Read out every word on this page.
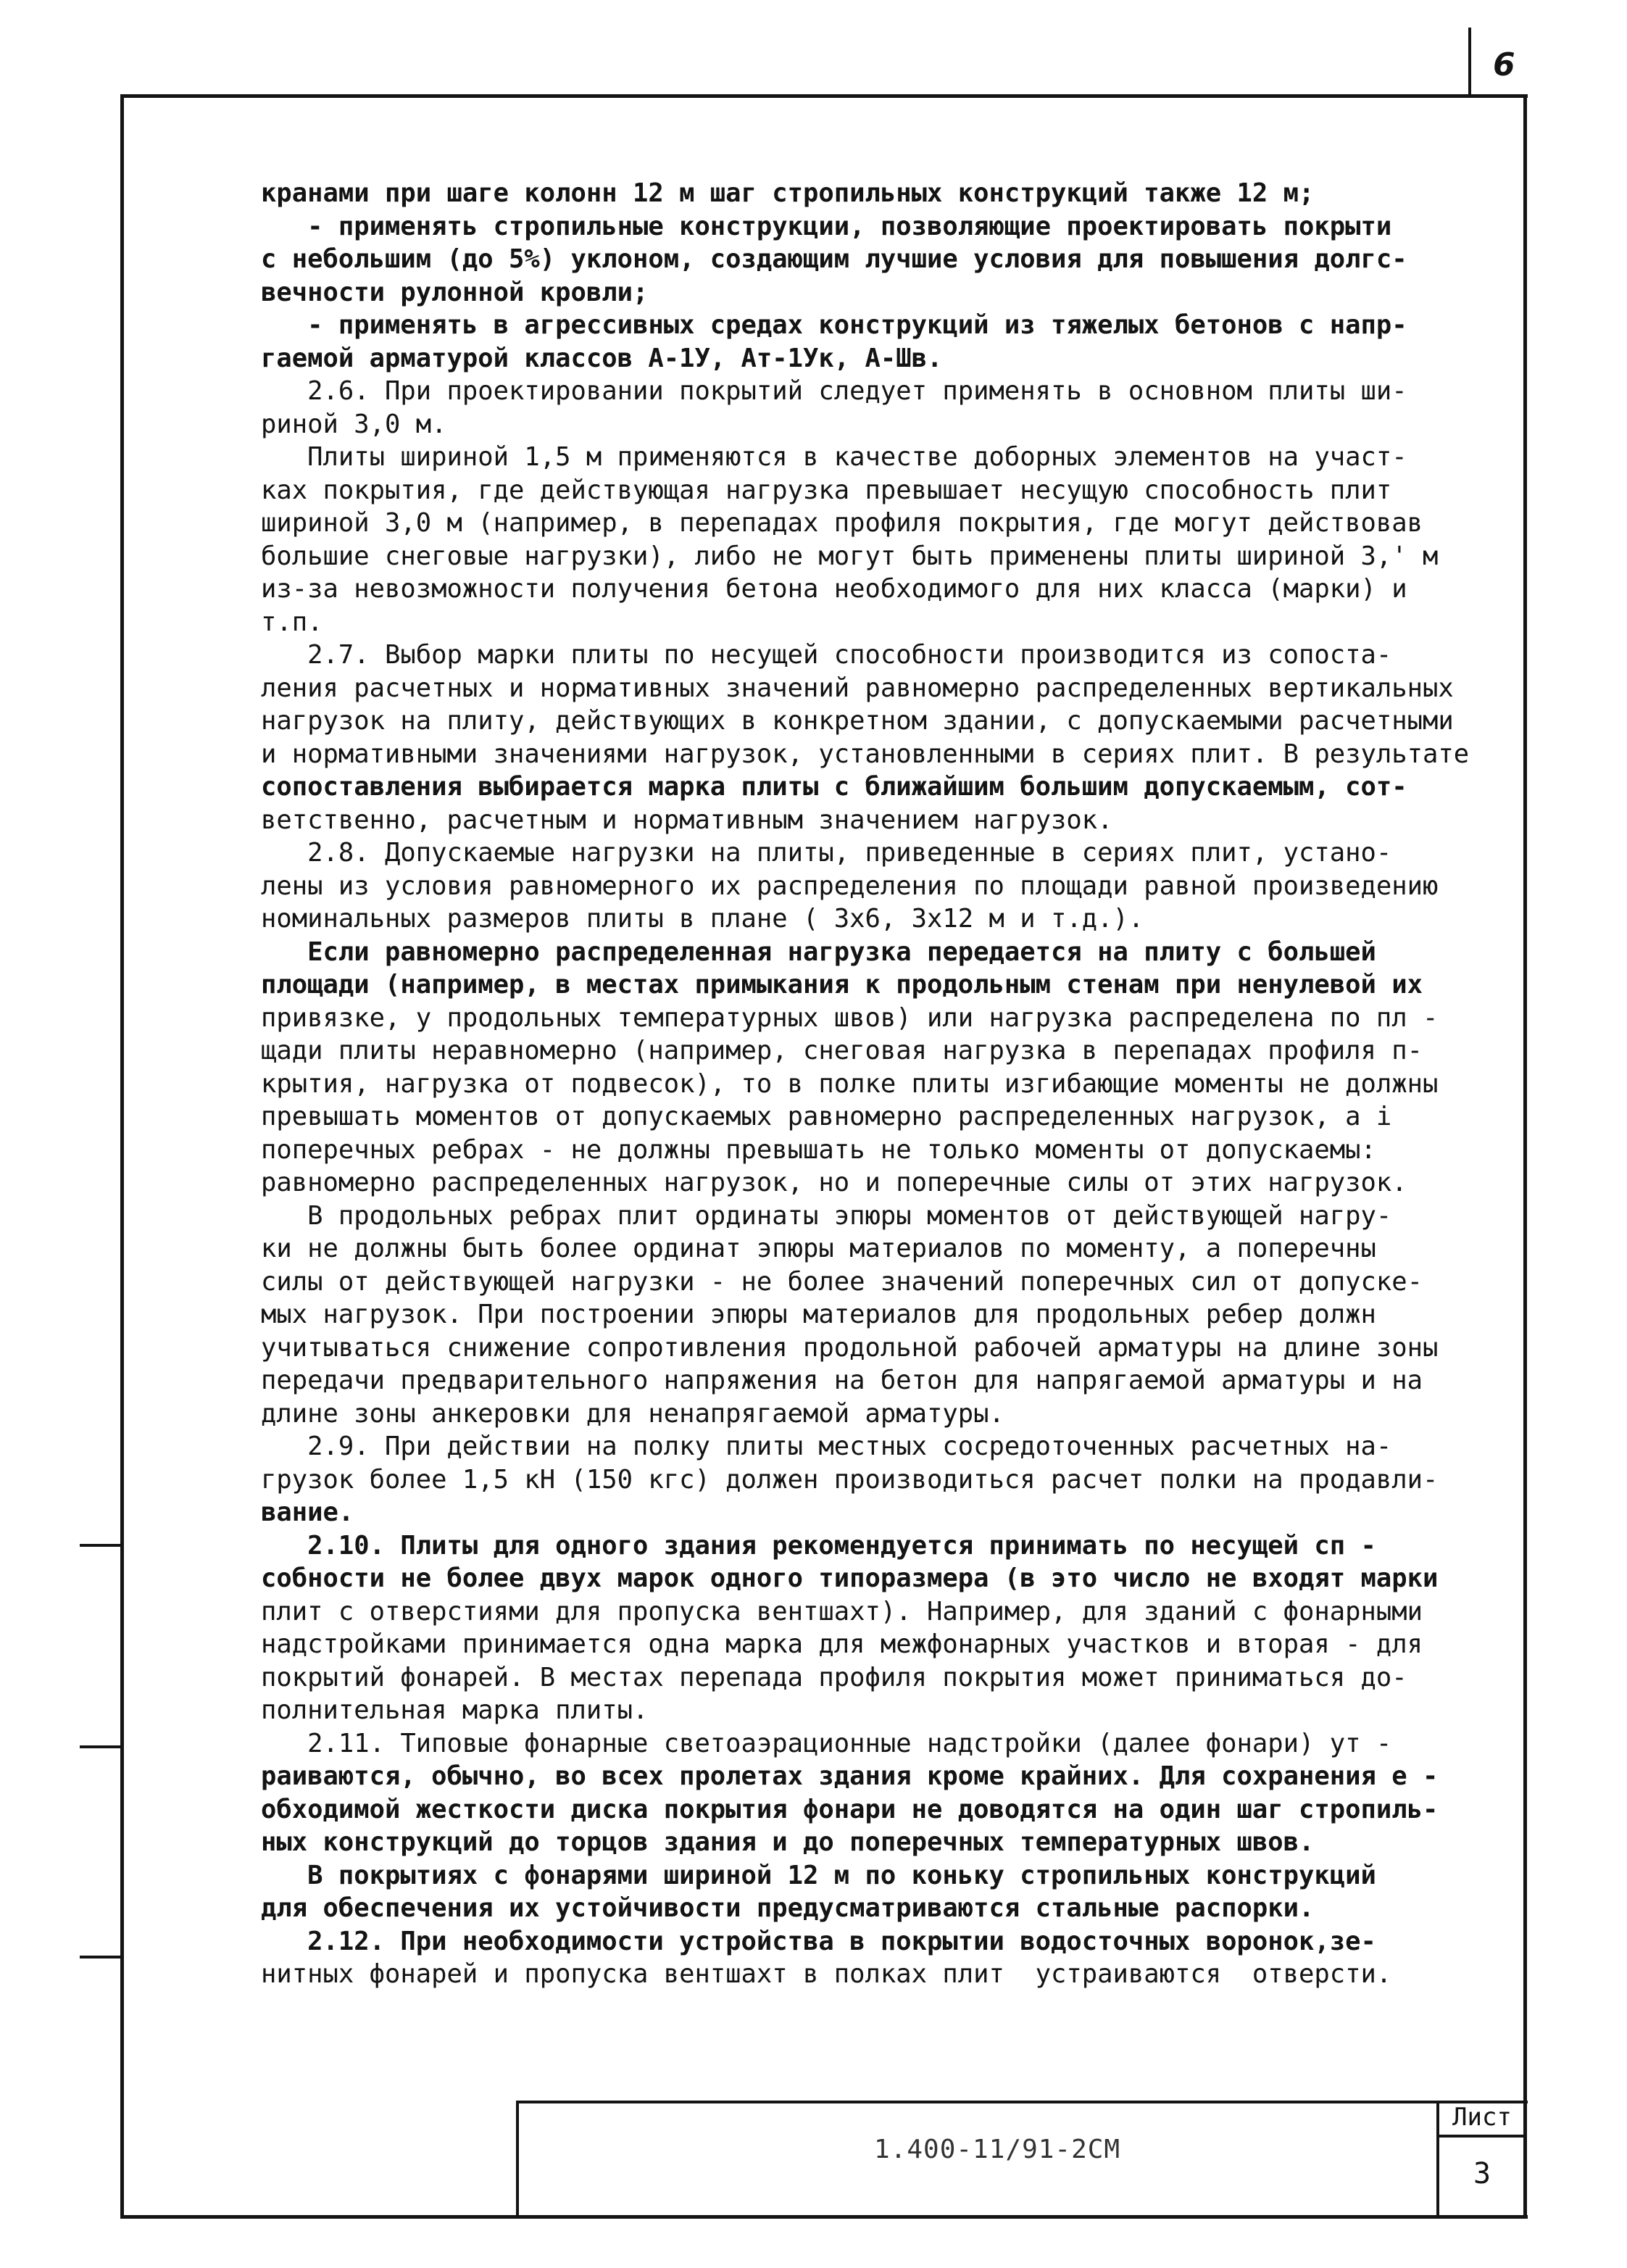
6
кранами при шаге колонн 12 м шаг стропильных конструкций также 12 м;
- применять стропильные конструкции, позволяющие проектировать покрыти
с небольшим (до 5%) уклоном, создающим лучшие условия для повышения долгс-
вечности рулонной кровли;
- применять в агрессивных средах конструкций из тяжелых бетонов с напр-
гаемой арматурой классов А-1У, Ат-1Ук, А-Шв.
2.6. При проектировании покрытий следует применять в основном плиты ши-
риной 3,0 м.
Плиты шириной 1,5 м применяются в качестве доборных элементов на участ-
ках покрытия, где действующая нагрузка превышает несущую способность плит
шириной 3,0 м (например, в перепадах профиля покрытия, где могут действовав
большие снеговые нагрузки), либо не могут быть применены плиты шириной 3,' м
из-за невозможности получения бетона необходимого для них класса (марки) и
т.п.
2.7. Выбор марки плиты по несущей способности производится из сопоста-
ления расчетных и нормативных значений равномерно распределенных вертикальных
нагрузок на плиту, действующих в конкретном здании, с допускаемыми расчетными
и нормативными значениями нагрузок, установленными в сериях плит. В результате
сопоставления выбирается марка плиты с ближайшим большим допускаемым, сот-
ветственно, расчетным и нормативным значением нагрузок.
2.8. Допускаемые нагрузки на плиты, приведенные в сериях плит, устано-
лены из условия равномерного их распределения по площади равной произведению
номинальных размеров плиты в плане ( 3х6, 3х12 м и т.д.).
Если равномерно распределенная нагрузка передается на плиту с большей
площади (например, в местах примыкания к продольным стенам при ненулевой их
привязке, у продольных температурных швов) или нагрузка распределена по пл -
щади плиты неравномерно (например, снеговая нагрузка в перепадах профиля п-
крытия, нагрузка от подвесок), то в полке плиты изгибающие моменты не должны
превышать моментов от допускаемых равномерно распределенных нагрузок, а і
поперечных ребрах - не должны превышать не только моменты от допускаемы:
равномерно распределенных нагрузок, но и поперечные силы от этих нагрузок.
В продольных ребрах плит ординаты эпюры моментов от действующей нагру-
ки не должны быть более ординат эпюры материалов по моменту, а поперечны
силы от действующей нагрузки - не более значений поперечных сил от допуске-
мых нагрузок. При построении эпюры материалов для продольных ребер должн
учитываться снижение сопротивления продольной рабочей арматуры на длине зоны
передачи предварительного напряжения на бетон для напрягаемой арматуры и на
длине зоны анкеровки для ненапрягаемой арматуры.
2.9. При действии на полку плиты местных сосредоточенных расчетных на-
грузок более 1,5 кН (150 кгс) должен производиться расчет полки на продавли-
вание.
2.10. Плиты для одного здания рекомендуется принимать по несущей сп -
собности не более двух марок одного типоразмера (в это число не входят марки
плит с отверстиями для пропуска вентшахт). Например, для зданий с фонарными
надстройками принимается одна марка для межфонарных участков и вторая - для
покрытий фонарей. В местах перепада профиля покрытия может приниматься до-
полнительная марка плиты.
2.11. Типовые фонарные светоаэрационные надстройки (далее фонари) ут -
раиваются, обычно, во всех пролетах здания кроме крайних. Для сохранения е -
обходимой жесткости диска покрытия фонари не доводятся на один шаг стропиль-
ных конструкций до торцов здания и до поперечных температурных швов.
В покрытиях с фонарями шириной 12 м по коньку стропильных конструкций
для обеспечения их устойчивости предусматриваются стальные распорки.
2.12. При необходимости устройства в покрытии водосточных воронок,зе-
нитных фонарей и пропуска вентшахт в полках плит  устраиваются  отверсти.
1.400-11/91-2СМ
Лист
3
